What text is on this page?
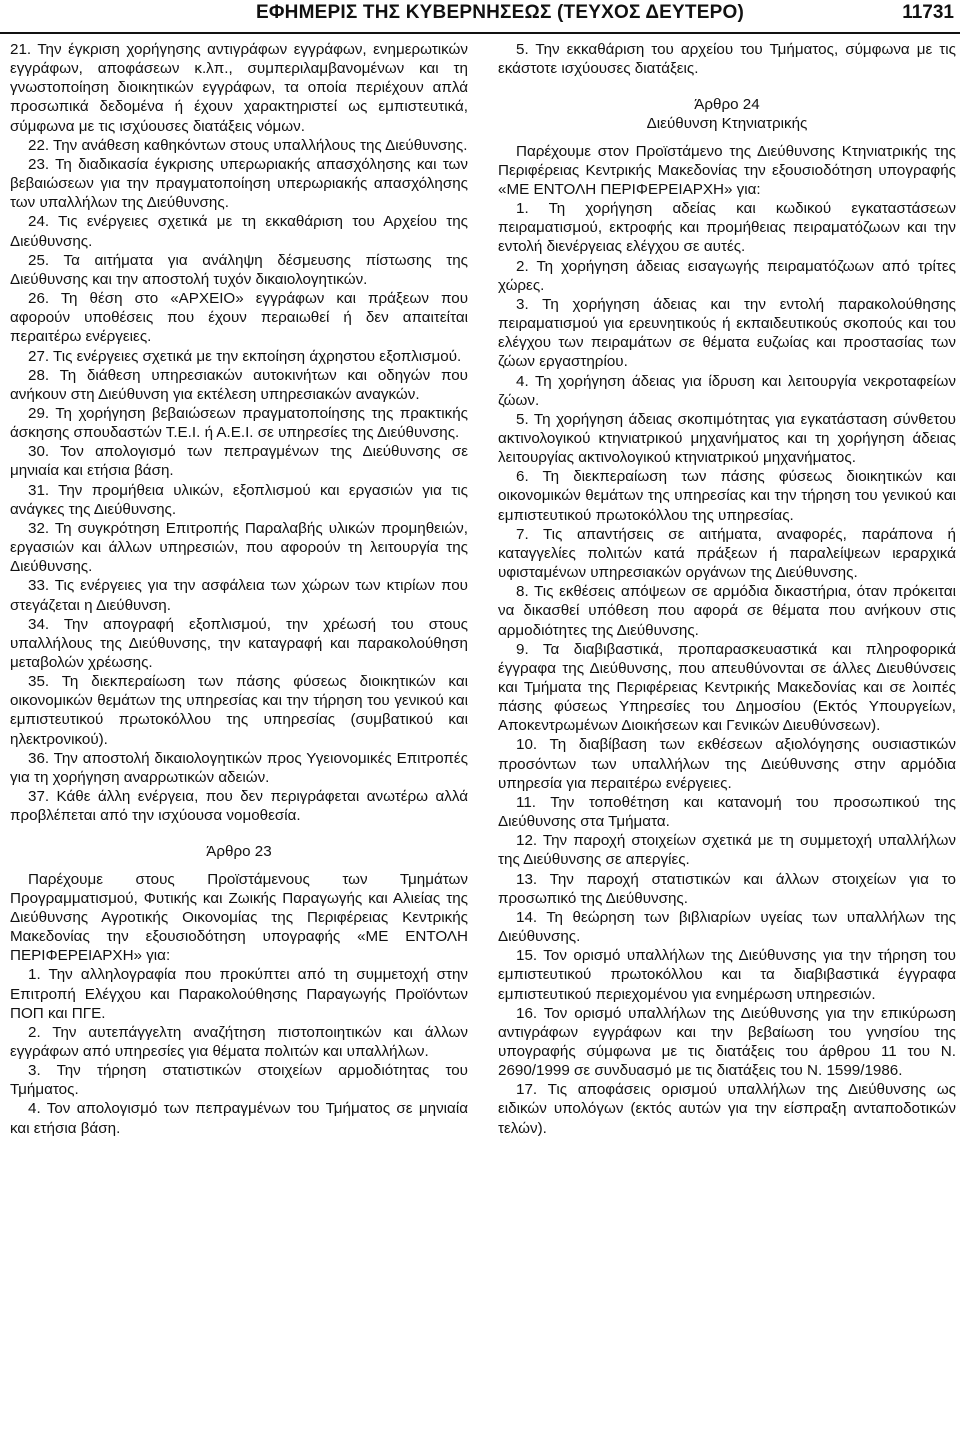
ΕΦΗΜΕΡΙΣ ΤΗΣ ΚΥΒΕΡΝΗΣΕΩΣ (ΤΕΥΧΟΣ ΔΕΥΤΕΡΟ)	11731

21. Την έγκριση χορήγησης αντιγράφων εγγράφων, ενημερωτικών εγγράφων, αποφάσεων κ.λπ., συμπεριλαμβανομένων και τη γνωστοποίηση διοικητικών εγγράφων, τα οποία περιέχουν απλά προσωπικά δεδομένα ή έχουν χαρακτηριστεί ως εμπιστευτικά, σύμφωνα με τις ισχύουσες διατάξεις νόμων.

22. Την ανάθεση καθηκόντων στους υπαλλήλους της Διεύθυνσης.

23. Τη διαδικασία έγκρισης υπερωριακής απασχόλησης και των βεβαιώσεων για την πραγματοποίηση υπερωριακής απασχόλησης των υπαλλήλων της Διεύθυνσης.

24. Τις ενέργειες σχετικά με τη εκκαθάριση του Αρχείου της Διεύθυνσης.

25. Τα αιτήματα για ανάληψη δέσμευσης πίστωσης της Διεύθυνσης και την αποστολή τυχόν δικαιολογητικών.

26. Τη θέση στο «ΑΡΧΕΙΟ» εγγράφων και πράξεων που αφορούν υποθέσεις που έχουν περαιωθεί ή δεν απαιτείται περαιτέρω ενέργειες.

27. Τις ενέργειες σχετικά με την εκποίηση άχρηστου εξοπλισμού.

28. Τη διάθεση υπηρεσιακών αυτοκινήτων και οδηγών που ανήκουν στη Διεύθυνση για εκτέλεση υπηρεσιακών αναγκών.

29. Τη χορήγηση βεβαιώσεων πραγματοποίησης της πρακτικής άσκησης σπουδαστών Τ.Ε.Ι. ή Α.Ε.Ι. σε υπηρεσίες της Διεύθυνσης.

30. Τον απολογισμό των πεπραγμένων της Διεύθυνσης σε μηνιαία και ετήσια βάση.

31. Την προμήθεια υλικών, εξοπλισμού και εργασιών για τις ανάγκες της Διεύθυνσης.

32. Τη συγκρότηση Επιτροπής Παραλαβής υλικών προμηθειών, εργασιών και άλλων υπηρεσιών, που αφορούν τη λειτουργία της Διεύθυνσης.

33. Τις ενέργειες για την ασφάλεια των χώρων των κτιρίων που στεγάζεται η Διεύθυνση.

34. Την απογραφή εξοπλισμού, την χρέωσή του στους υπαλλήλους της Διεύθυνσης, την καταγραφή και παρακολούθηση μεταβολών χρέωσης.

35. Τη διεκπεραίωση των πάσης φύσεως διοικητικών και οικονομικών θεμάτων της υπηρεσίας και την τήρηση του γενικού και εμπιστευτικού πρωτοκόλλου της υπηρεσίας (συμβατικού και ηλεκτρονικού).

36. Την αποστολή δικαιολογητικών προς Υγειονομικές Επιτροπές για τη χορήγηση αναρρωτικών αδειών.

37. Κάθε άλλη ενέργεια, που δεν περιγράφεται ανωτέρω αλλά προβλέπεται από την ισχύουσα νομοθεσία.

Άρθρο 23

Παρέχουμε στους Προϊστάμενους των Τμημάτων Προγραμματισμού, Φυτικής και Ζωικής Παραγωγής και Αλιείας της Διεύθυνσης Αγροτικής Οικονομίας της Περιφέρειας Κεντρικής Μακεδονίας την εξουσιοδότηση υπογραφής «ΜΕ ΕΝΤΟΛΗ ΠΕΡΙΦΕΡΕΙΑΡΧΗ» για:

1. Την αλληλογραφία που προκύπτει από τη συμμετοχή στην Επιτροπή Ελέγχου και Παρακολούθησης Παραγωγής Προϊόντων ΠΟΠ και ΠΓΕ.

2. Την αυτεπάγγελτη αναζήτηση πιστοποιητικών και άλλων εγγράφων από υπηρεσίες για θέματα πολιτών και υπαλλήλων.

3. Την τήρηση στατιστικών στοιχείων αρμοδιότητας του Τμήματος.

4. Τον απολογισμό των πεπραγμένων του Τμήματος σε μηνιαία και ετήσια βάση.

5. Την εκκαθάριση του αρχείου του Τμήματος, σύμφωνα με τις εκάστοτε ισχύουσες διατάξεις.

Άρθρο 24

Διεύθυνση Κτηνιατρικής

Παρέχουμε στον Προϊστάμενο της Διεύθυνσης Κτηνιατρικής της Περιφέρειας Κεντρικής Μακεδονίας την εξουσιοδότηση υπογραφής «ΜΕ ΕΝΤΟΛΗ ΠΕΡΙΦΕΡΕΙΑΡΧΗ» για:

1. Τη χορήγηση αδείας και κωδικού εγκαταστάσεων πειραματισμού, εκτροφής και προμήθειας πειραματόζωων και την εντολή διενέργειας ελέγχου σε αυτές.

2. Τη χορήγηση άδειας εισαγωγής πειραματόζωων από τρίτες χώρες.

3. Τη χορήγηση άδειας και την εντολή παρακολούθησης πειραματισμού για ερευνητικούς ή εκπαιδευτικούς σκοπούς και του ελέγχου των πειραμάτων σε θέματα ευζωίας και προστασίας των ζώων εργαστηρίου.

4. Τη χορήγηση άδειας για ίδρυση και λειτουργία νεκροταφείων ζώων.

5. Τη χορήγηση άδειας σκοπιμότητας για εγκατάσταση σύνθετου ακτινολογικού κτηνιατρικού μηχανήματος και τη χορήγηση άδειας λειτουργίας ακτινολογικού κτηνιατρικού μηχανήματος.

6. Τη διεκπεραίωση των πάσης φύσεως διοικητικών και οικονομικών θεμάτων της υπηρεσίας και την τήρηση του γενικού και εμπιστευτικού πρωτοκόλλου της υπηρεσίας.

7. Τις απαντήσεις σε αιτήματα, αναφορές, παράπονα ή καταγγελίες πολιτών κατά πράξεων ή παραλείψεων ιεραρχικά υφισταμένων υπηρεσιακών οργάνων της Διεύθυνσης.

8. Τις εκθέσεις απόψεων σε αρμόδια δικαστήρια, όταν πρόκειται να δικασθεί υπόθεση που αφορά σε θέματα που ανήκουν στις αρμοδιότητες της Διεύθυνσης.

9. Τα διαβιβαστικά, προπαρασκευαστικά και πληροφορικά έγγραφα της Διεύθυνσης, που απευθύνονται σε άλλες Διευθύνσεις και Τμήματα της Περιφέρειας Κεντρικής Μακεδονίας και σε λοιπές πάσης φύσεως Υπηρεσίες του Δημοσίου (Εκτός Υπουργείων, Αποκεντρωμένων Διοικήσεων και Γενικών Διευθύνσεων).

10. Τη διαβίβαση των εκθέσεων αξιολόγησης ουσιαστικών προσόντων των υπαλλήλων της Διεύθυνσης στην αρμόδια υπηρεσία για περαιτέρω ενέργειες.

11. Την τοποθέτηση και κατανομή του προσωπικού της Διεύθυνσης στα Τμήματα.

12. Την παροχή στοιχείων σχετικά με τη συμμετοχή υπαλλήλων της Διεύθυνσης σε απεργίες.

13. Την παροχή στατιστικών και άλλων στοιχείων για το προσωπικό της Διεύθυνσης.

14. Τη θεώρηση των βιβλιαρίων υγείας των υπαλλήλων της Διεύθυνσης.

15. Τον ορισμό υπαλλήλων της Διεύθυνσης για την τήρηση του εμπιστευτικού πρωτοκόλλου και τα διαβιβαστικά έγγραφα εμπιστευτικού περιεχομένου για ενημέρωση υπηρεσιών.

16. Τον ορισμό υπαλλήλων της Διεύθυνσης για την επικύρωση αντιγράφων εγγράφων και την βεβαίωση του γνησίου της υπογραφής σύμφωνα με τις διατάξεις του άρθρου 11 του Ν. 2690/1999 σε συνδυασμό με τις διατάξεις του Ν. 1599/1986.

17. Τις αποφάσεις ορισμού υπαλλήλων της Διεύθυνσης ως ειδικών υπολόγων (εκτός αυτών για την είσπραξη ανταποδοτικών τελών).
